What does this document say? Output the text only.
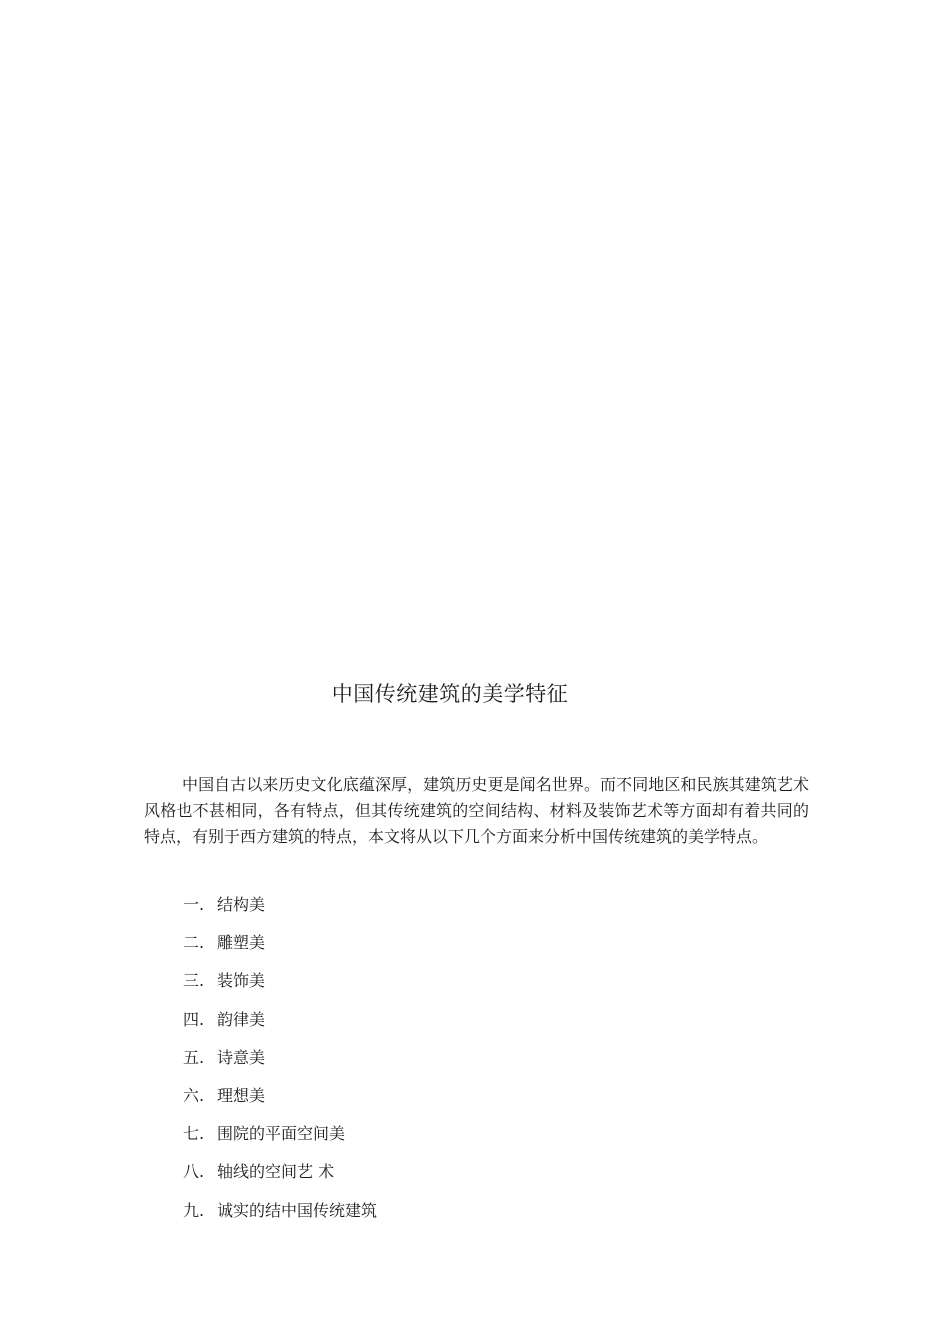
中国传统建筑的美学特征

中国自古以来历史文化底蕴深厚，建筑历史更是闻名世界。而不同地区和民族其建筑艺术风格也不甚相同，各有特点，但其传统建筑的空间结构、材料及装饰艺术等方面却有着共同的特点，有别于西方建筑的特点，本文将从以下几个方面来分析中国传统建筑的美学特点。

一. 结构美
二. 雕塑美
三. 装饰美
四. 韵律美
五. 诗意美
六. 理想美
七. 围院的平面空间美
八. 轴线的空间艺 术
九. 诚实的结中国传统建筑
